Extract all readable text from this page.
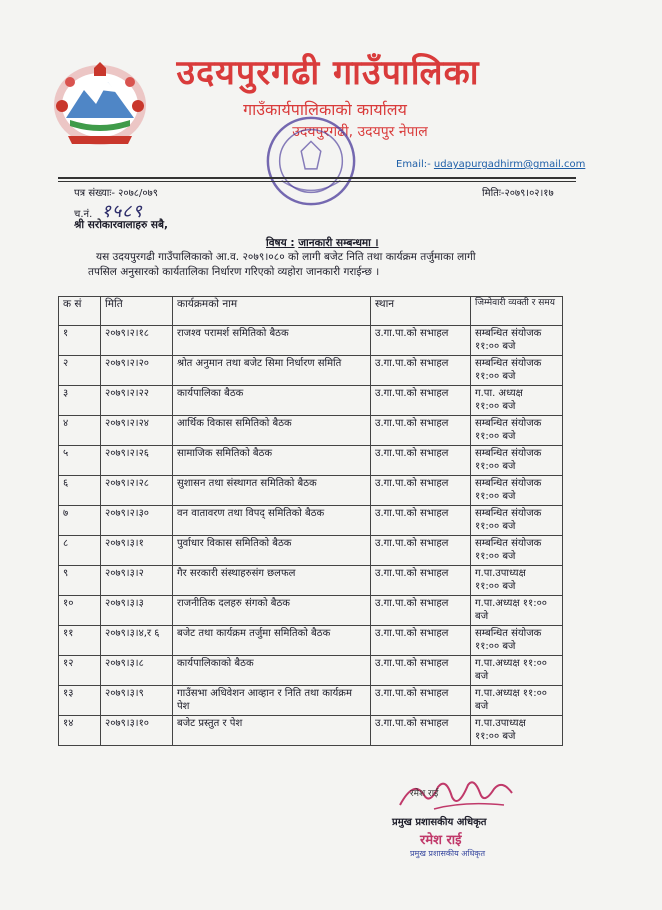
उदयपुरगढी गाउँपालिका
गाउँकार्यपालिकाको कार्यालय
उदयपुरगढी, उदयपुर नेपाल
Email:- udayapurgadhirm@gmail.com
पत्र संख्याः- २०७८/०७९	मितिः-२०७९।०२।१७
च.नं. १५८९
श्री सरोकारवालाहरु सबै,
विषय : जानकारी सम्बन्धमा ।
यस उदयपुरगढी गाउँपालिकाको आ.व. २०७९।०८० को लागी बजेट निति तथा कार्यक्रम तर्जुमाका लागी
तपसिल अनुसारको कार्यतालिका निर्धारण गरिएको व्यहोरा जानकारी गराईन्छ ।
क सं	मिति	कार्यक्रमको नाम	स्थान	जिम्मेवारी व्यक्ती र समय
१	२०७९।२।१८	राजश्व परामर्श समितिको बैठक	उ.गा.पा.को सभाहल	सम्बन्धित संयोजक
११:०० बजे

२	२०७९।२।२०	श्रोत अनुमान तथा बजेट सिमा निर्धारण समिति	उ.गा.पा.को सभाहल	सम्बन्धित संयोजक
११:०० बजे

३	२०७९।२।२२	कार्यपालिका बैठक	उ.गा.पा.को सभाहल	ग.पा. अध्यक्ष
११:०० बजे

४	२०७९।२।२४	आर्थिक विकास समितिको बैठक	उ.गा.पा.को सभाहल	सम्बन्धित संयोजक
११:०० बजे

५	२०७९।२।२६	सामाजिक समितिको बैठक	उ.गा.पा.को सभाहल	सम्बन्धित संयोजक
११:०० बजे

६	२०७९।२।२८	सुशासन तथा संस्थागत समितिको बैठक	उ.गा.पा.को सभाहल	सम्बन्धित संयोजक
११:०० बजे

७	२०७९।२।३०	वन वातावरण तथा विपद् समितिको बैठक	उ.गा.पा.को सभाहल	सम्बन्धित संयोजक
११:०० बजे

८	२०७९।३।१	पुर्वाधार विकास समितिको बैठक	उ.गा.पा.को सभाहल	सम्बन्धित संयोजक
११:०० बजे

९	२०७९।३।२	गैर सरकारी संस्थाहरुसंग छलफल	उ.गा.पा.को सभाहल	ग.पा.उपाध्यक्ष
११:०० बजे

१०	२०७९।३।३	राजनीतिक दलहरु संगको बैठक	उ.गा.पा.को सभाहल	ग.पा.अध्यक्ष ११:००
बजे

११	२०७९।३।४,र ६	बजेट तथा कार्यक्रम तर्जुमा समितिको बैठक	उ.गा.पा.को सभाहल	सम्बन्धित संयोजक
११:०० बजे

१२	२०७९।३।८	कार्यपालिकाको बैठक	उ.गा.पा.को सभाहल	ग.पा.अध्यक्ष ११:००
बजे

१३	२०७९।३।९	गाउँसभा अधिवेशन आव्हान र निति तथा कार्यक्रम पेश	उ.गा.पा.को सभाहल	ग.पा.अध्यक्ष ११:००
बजे

१४	२०७९।३।१०	बजेट प्रस्तुत र पेश	उ.गा.पा.को सभाहल	ग.पा.उपाध्यक्ष
११:०० बजे
रमेश राई
प्रमुख प्रशासकीय अधिकृत
रमेश राई
प्रमुख प्रशासकीय अधिकृत
